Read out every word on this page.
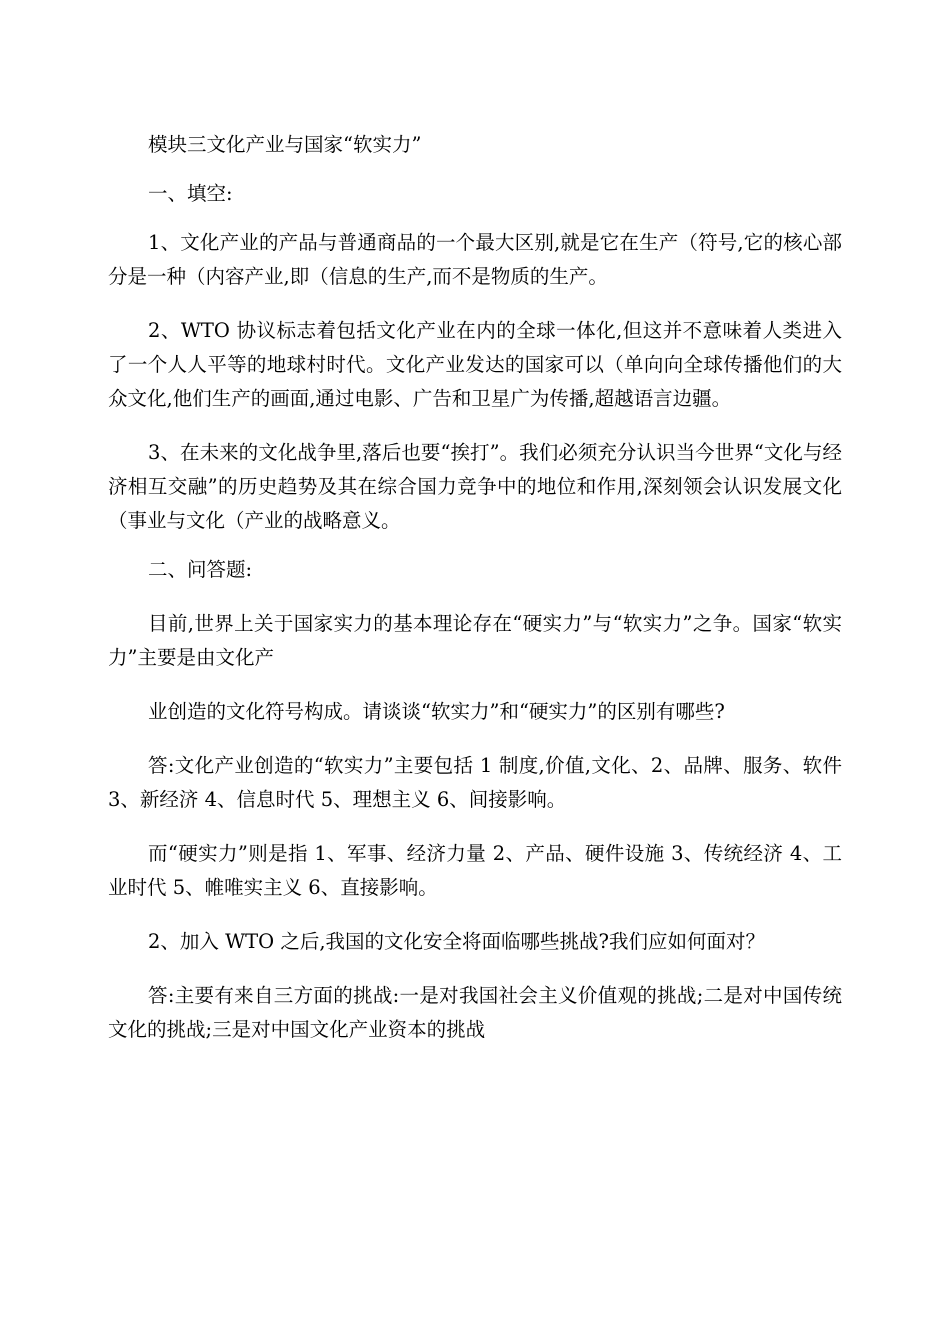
模块三文化产业与国家“软实力”

一、填空:

1、文化产业的产品与普通商品的一个最大区别,就是它在生产（符号,它的核心部分是一种（内容产业,即（信息的生产,而不是物质的生产。

2、WTO 协议标志着包括文化产业在内的全球一体化,但这并不意味着人类进入了一个人人平等的地球村时代。文化产业发达的国家可以（单向向全球传播他们的大众文化,他们生产的画面,通过电影、广告和卫星广为传播,超越语言边疆。

3、在未来的文化战争里,落后也要“挨打”。我们必须充分认识当今世界“文化与经济相互交融”的历史趋势及其在综合国力竞争中的地位和作用,深刻领会认识发展文化（事业与文化（产业的战略意义。

二、问答题:

目前,世界上关于国家实力的基本理论存在“硬实力”与“软实力”之争。国家“软实力”主要是由文化产

业创造的文化符号构成。请谈谈“软实力”和“硬实力”的区别有哪些?

答:文化产业创造的“软实力”主要包括 1 制度,价值,文化、2、品牌、服务、软件 3、新经济 4、信息时代 5、理想主义 6、间接影响。

而“硬实力”则是指 1、军事、经济力量 2、产品、硬件设施 3、传统经济 4、工业时代 5、帷唯实主义 6、直接影响。

2、加入 WTO 之后,我国的文化安全将面临哪些挑战?我们应如何面对？

答:主要有来自三方面的挑战:一是对我国社会主义价值观的挑战;二是对中国传统文化的挑战;三是对中国文化产业资本的挑战
